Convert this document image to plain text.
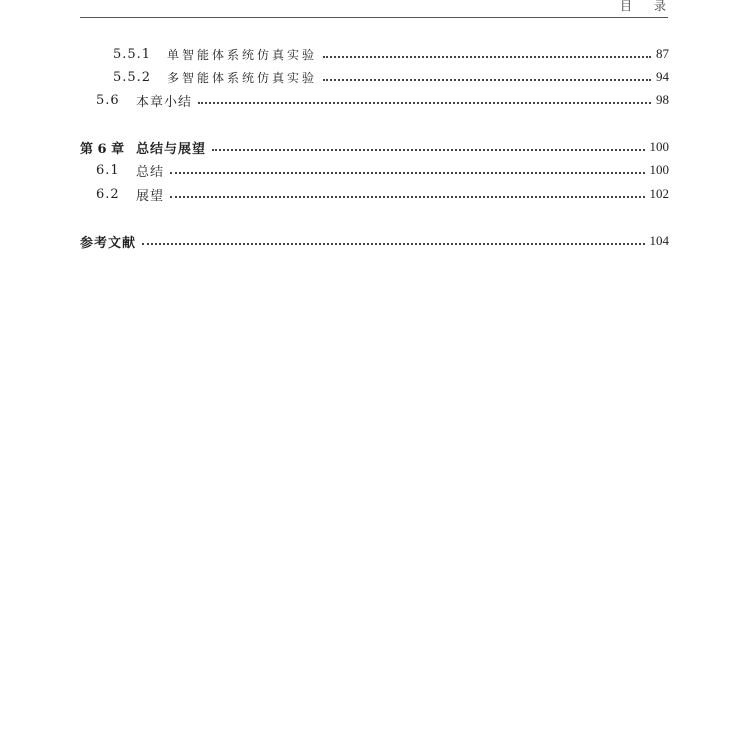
目录
5.5.1	单智能体系统仿真实验	87
5.5.2	多智能体系统仿真实验	94
5.6	本章小结	98
第 6 章 总结与展望	100
6.1	总结	100
6.2	展望	102
参考文献	104
